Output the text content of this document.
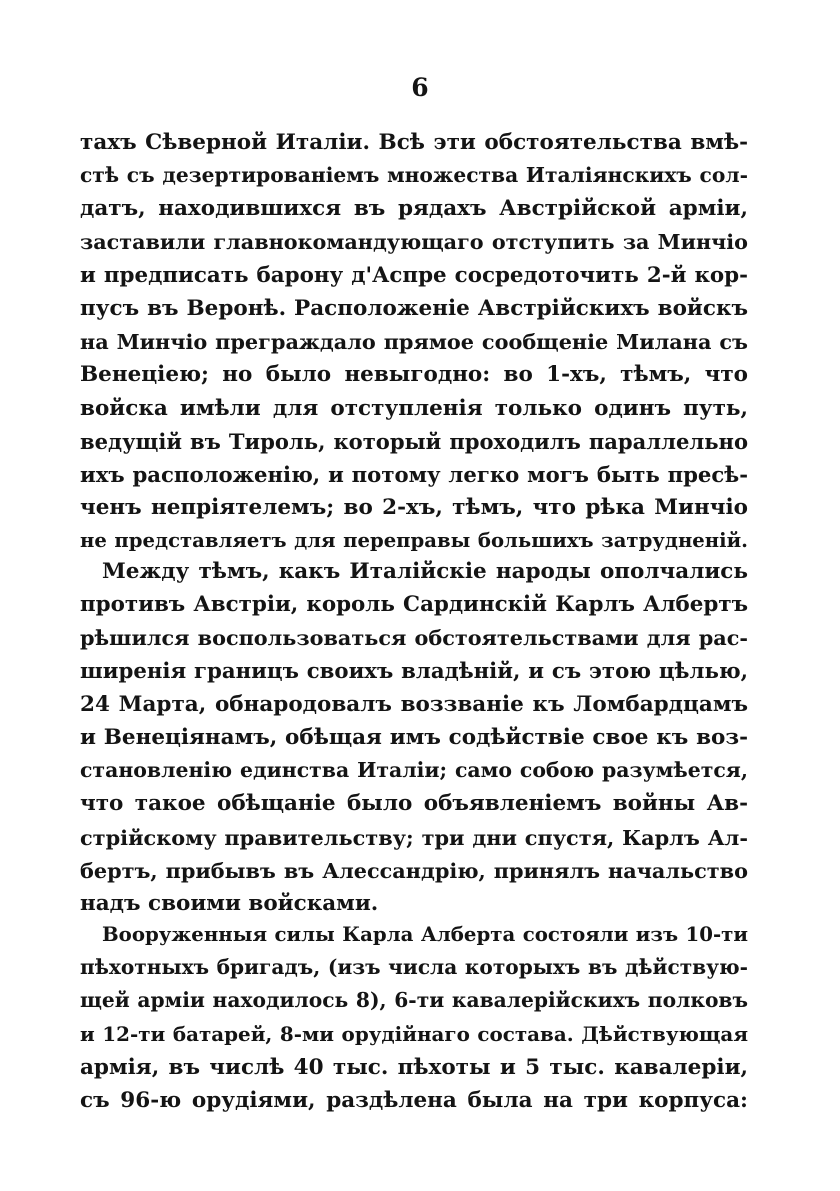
6
тахъ Сѣверной Италіи. Всѣ эти обстоятельства вмѣ-
стѣ съ дезертированіемъ множества Италіянскихъ сол-
датъ, находившихся въ рядахъ Австрійской арміи,
заставили главнокомандующаго отступить за Минчіо
и предписать барону д'Аспре сосредоточить 2-й кор-
пусъ въ Веронѣ. Расположеніе Австрійскихъ войскъ
на Минчіо преграждало прямое сообщеніе Милана съ
Венеціею; но было невыгодно: во 1-хъ, тѣмъ, что
войска имѣли для отступленія только одинъ путь,
ведущій въ Тироль, который проходилъ параллельно
ихъ расположенію, и потому легко могъ быть пресѣ-
ченъ непріятелемъ; во 2-хъ, тѣмъ, что рѣка Минчіо
не представляетъ для переправы большихъ затрудненій.
Между тѣмъ, какъ Италійскіе народы ополчались
противъ Австріи, король Сардинскій Карлъ Албертъ
рѣшился воспользоваться обстоятельствами для рас-
ширенія границъ своихъ владѣній, и съ этою цѣлью,
24 Марта, обнародовалъ воззваніе къ Ломбардцамъ
и Венеціянамъ, обѣщая имъ содѣйствіе свое къ воз-
становленію единства Италіи; само собою разумѣется,
что такое обѣщаніе было объявленіемъ войны Ав-
стрійскому правительству; три дни спустя, Карлъ Ал-
бертъ, прибывъ въ Алессандрію, принялъ начальство
надъ своими войсками.
Вооруженныя силы Карла Алберта состояли изъ 10-ти
пѣхотныхъ бригадъ, (изъ числа которыхъ въ дѣйствую-
щей арміи находилось 8), 6-ти кавалерійскихъ полковъ
и 12-ти батарей, 8-ми орудійнаго состава. Дѣйствующая
армія, въ числѣ 40 тыс. пѣхоты и 5 тыс. кавалеріи,
съ 96-ю орудіями, раздѣлена была на три корпуса:
